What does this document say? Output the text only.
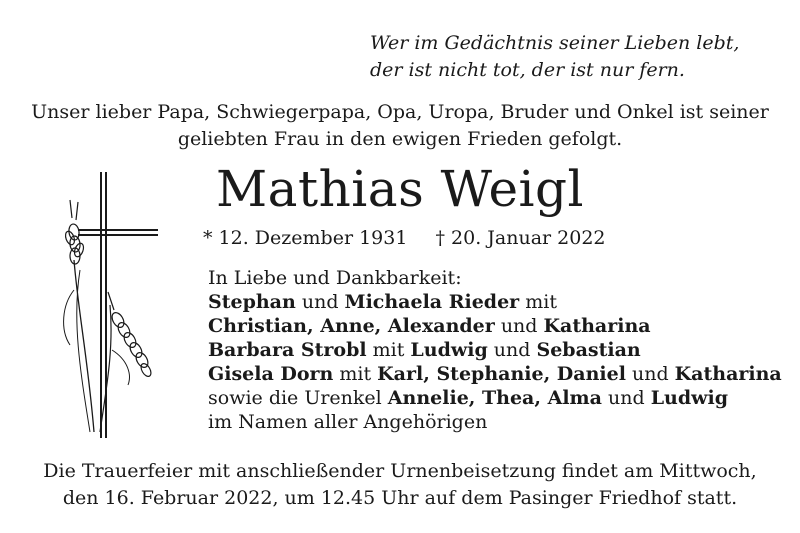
Wer im Gedächtnis seiner Lieben lebt,
der ist nicht tot, der ist nur fern.
Unser lieber Papa, Schwiegerpapa, Opa, Uropa, Bruder und Onkel ist seiner
geliebten Frau in den ewigen Frieden gefolgt.
Mathias Weigl
* 12. Dezember 1931 † 20. Januar 2022
In Liebe und Dankbarkeit:
Stephan und Michaela Rieder mit
Christian, Anne, Alexander und Katharina
Barbara Strobl mit Ludwig und Sebastian
Gisela Dorn mit Karl, Stephanie, Daniel und Katharina
sowie die Urenkel Annelie, Thea, Alma und Ludwig
im Namen aller Angehörigen
Die Trauerfeier mit anschließender Urnenbeisetzung findet am Mittwoch,
den 16. Februar 2022, um 12.45 Uhr auf dem Pasinger Friedhof statt.
